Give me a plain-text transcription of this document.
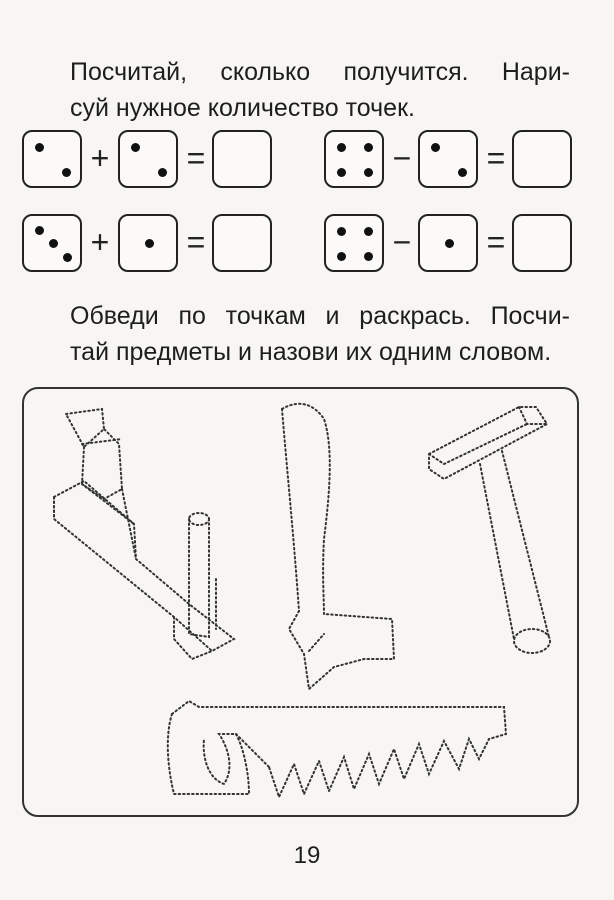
Посчитай, сколько получится. Нари-
суй нужное количество точек.

+ =	− =
+ =	− =

Обведи по точкам и раскрась. Посчи-
тай предметы и назови их одним словом.

19
